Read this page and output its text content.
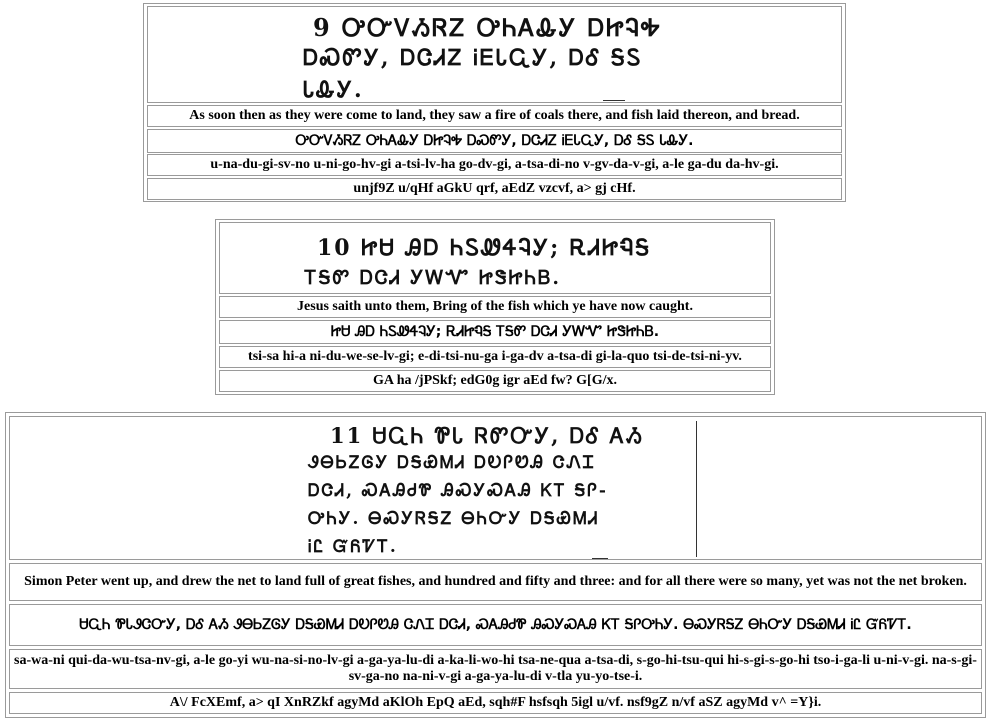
9 ᎤᏅᏙᏱᏒᏃ ᎤᏂᎪᎲᎩ ᎠᏥᎸᎭ
ᎠᏍᏛᎩ, ᎠᏣᏗᏃ ᎥᎬᏓᏩᎩ, ᎠᎴ ᎦᏚ
ᏓᎲᎩ.
As soon then as they were come to land, they saw a fire of coals there, and fish laid thereon, and bread.
ᎤᏅᏙᏱᏒᏃ ᎤᏂᎪᎲᎩ ᎠᏥᎸᎭ ᎠᏍᏛᎩ, ᎠᏣᏗᏃ ᎥᎬᏓᏩᎩ, ᎠᎴ ᎦᏚ ᏓᎲᎩ.
u-na-du-gi-sv-no u-ni-go-hv-gi a-tsi-lv-ha go-dv-gi, a-tsa-di-no v-gv-da-v-gi, a-le ga-du da-hv-gi.
unjf9Z u/qHf aGkU qrf, aEdZ vzcvf, a> gj cHf.
10 ᏥᏌ ᎯᎠ ᏂᏚᏪᏎᎸᎩ; ᎡᏗᏥᏄᎦ
ᎢᎦᏛ ᎠᏣᏗ ᎩᎳᏉ ᏥᏕᏥᏂᏴ.
Jesus saith unto them, Bring of the fish which ye have now caught.
ᏥᏌ ᎯᎠ ᏂᏚᏪᏎᎸᎩ; ᎡᏗᏥᏄᎦ ᎢᎦᏛ ᎠᏣᏗ ᎩᎳᏉ ᏥᏕᏥᏂᏴ.
tsi-sa hi-a ni-du-we-se-lv-gi; e-di-tsi-nu-ga i-ga-dv a-tsa-di gi-la-quo tsi-de-tsi-ni-yv.
GA ha /jPSkf; edG0g igr aEd fw? G[G/x.
11 ᏌᏩᏂ ᏈᏓ ᏒᏛᏅᎩ, ᎠᎴ ᎪᏱ
ᏭᎾᏏᏃᎶᎩ ᎠᎦᏯᎷᏗ ᎠᎧᎵᏬᎯ ᏣᏁᏆ
ᎠᏣᏗ, ᏍᎪᎯᏧᏈ ᎯᏍᎩᏍᎪᎯ ᏦᎢ ᎦᎵ-
ᎤᏂᎩ. ᎾᏍᎩᏒᎦᏃ ᎾᏂᏅᎩ ᎠᎦᏯᎷᏗ
ᎥᏝ ᏳᏲᏤᎢ.
Simon Peter went up, and drew the net to land full of great fishes, and hundred and fifty and three: and for all there were so many, yet was not the net broken.
ᏌᏩᏂ ᏈᏓᏭᏣᏅᎩ, ᎠᎴ ᎪᏱ ᏭᎾᏏᏃᎶᎩ ᎠᎦᏯᎷᏗ ᎠᎧᎵᏬᎯ ᏣᏁᏆ ᎠᏣᏗ, ᏍᎪᎯᏧᏈ ᎯᏍᎩᏍᎪᎯ ᏦᎢ ᎦᎵᎤᏂᎩ. ᎾᏍᎩᏒᎦᏃ ᎾᏂᏅᎩ ᎠᎦᏯᎷᏗ ᎥᏝ ᏳᏲᏤᎢ.
sa-wa-ni qui-da-wu-tsa-nv-gi, a-le go-yi wu-na-si-no-lv-gi a-ga-ya-lu-di a-ka-li-wo-hi tsa-ne-qua a-tsa-di, s-go-hi-tsu-qui hi-s-gi-s-go-hi tso-i-ga-li u-ni-v-gi. na-s-gi-sv-ga-no na-ni-v-gi a-ga-ya-lu-di v-tla yu-yo-tse-i.
A\/ FcXEmf, a> qI XnRZkf agyMd aKlOh EpQ aEd, sqh#F hsfsqh 5igl u/vf. nsf9gZ n/vf aSZ agyMd v^ =Y}i.
